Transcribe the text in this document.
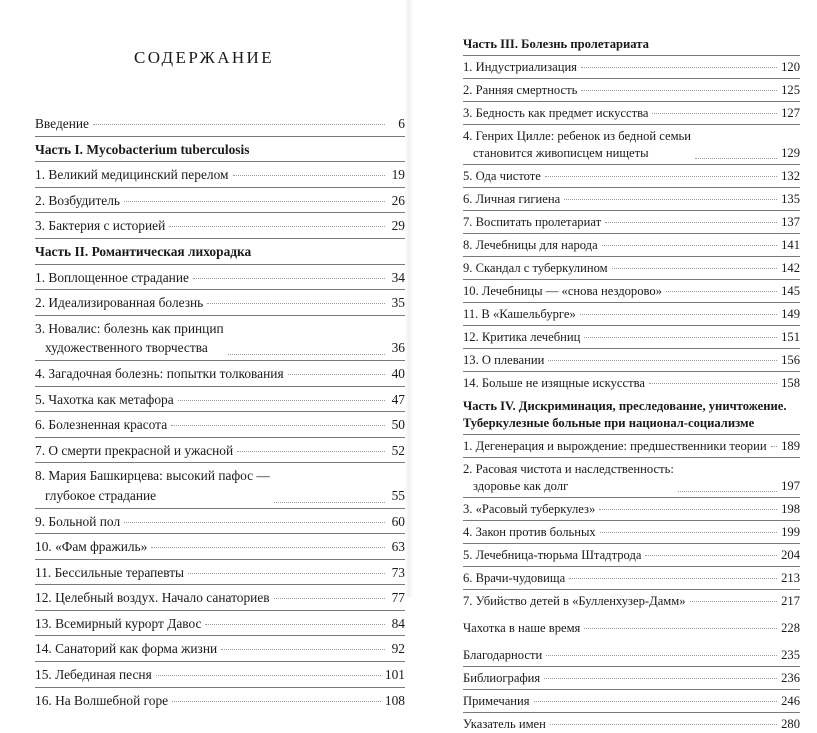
СОДЕРЖАНИЕ
Введение	6
Часть I. Mycobacterium tuberculosis
1. Великий медицинский перелом	19
2. Возбудитель	26
3. Бактерия с историей	29
Часть II. Романтическая лихорадка
1. Воплощенное страдание	34
2. Идеализированная болезнь	35
3. Новалис: болезнь как принцип
художественного творчества	36
4. Загадочная болезнь: попытки толкования	40
5. Чахотка как метафора	47
6. Болезненная красота	50
7. О смерти прекрасной и ужасной	52
8. Мария Башкирцева: высокий пафос —
глубокое страдание	55
9. Больной пол	60
10. «Фам фражиль»	63
11. Бессильные терапевты	73
12. Целебный воздух. Начало санаториев	77
13. Всемирный курорт Давос	84
14. Санаторий как форма жизни	92
15. Лебединая песня	101
16. На Волшебной горе	108
Часть III. Болезнь пролетариата
1. Индустриализация	120
2. Ранняя смертность	125
3. Бедность как предмет искусства	127
4. Генрих Цилле: ребенок из бедной семьи
становится живописцем нищеты	129
5. Ода чистоте	132
6. Личная гигиена	135
7. Воспитать пролетариат	137
8. Лечебницы для народа	141
9. Скандал с туберкулином	142
10. Лечебницы — «снова нездорово»	145
11. В «Кашельбурге»	149
12. Критика лечебниц	151
13. О плевании	156
14. Больше не изящные искусства	158
Часть IV. Дискриминация, преследование, уничтожение.
Туберкулезные больные при национал-социализме
1. Дегенерация и вырождение: предшественники теории 189
2. Расовая чистота и наследственность:
здоровье как долг	197
3. «Расовый туберкулез»	198
4. Закон против больных	199
5. Лечебница-тюрьма Штадтрода	204
6. Врачи-чудовища	213
7. Убийство детей в «Булленхузер-Дамм»	217
Чахотка в наше время	228
Благодарности	235
Библиография	236
Примечания	246
Указатель имен	280
